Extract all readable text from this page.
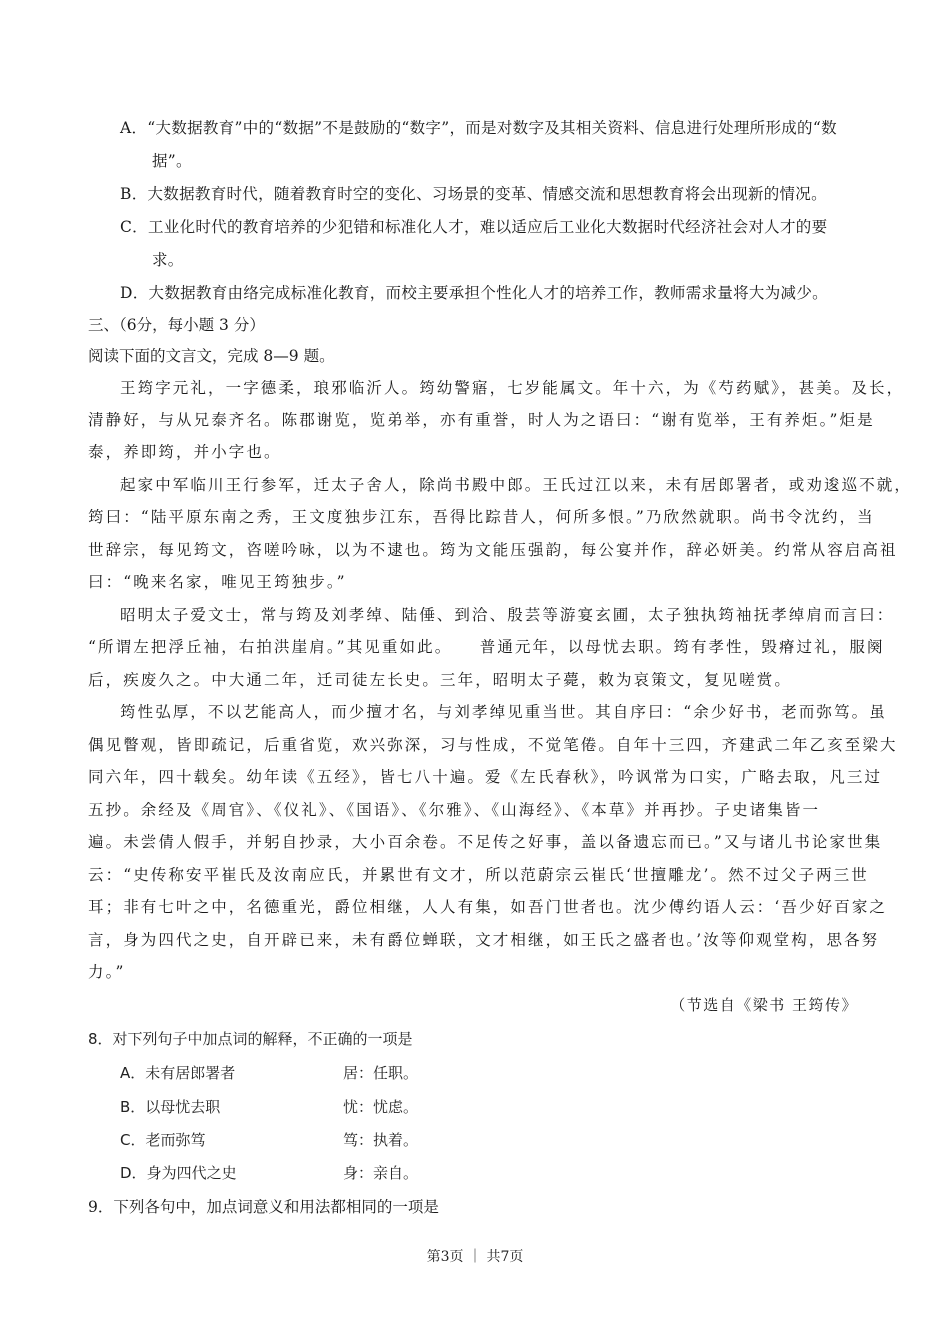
A．“大数据教育”中的“数据”不是鼓励的“数字”，而是对数字及其相关资料、信息进行处理所形成的“数
据”。
B．大数据教育时代，随着教育时空的变化、习场景的变革、情感交流和思想教育将会出现新的情况。
C．工业化时代的教育培养的少犯错和标准化人才，难以适应后工业化大数据时代经济社会对人才的要
求。
D．大数据教育由络完成标准化教育，而校主要承担个性化人才的培养工作，教师需求量将大为减少。
三、（6分，每小题 3 分）
阅读下面的文言文，完成 8—9 题。
王筠字元礼，一字德柔，琅邪临沂人。筠幼警寤，七岁能属文。年十六，为《芍药赋》，甚美。及长，
清静好，与从兄泰齐名。陈郡谢览，览弟举，亦有重誉，时人为之语曰：“谢有览举，王有养炬。”炬是
泰，养即筠，并小字也。
起家中军临川王行参军，迁太子舍人，除尚书殿中郎。王氏过江以来，未有居郎署者，或劝逡巡不就，
筠曰：“陆平原东南之秀，王文度独步江东，吾得比踪昔人，何所多恨。”乃欣然就职。尚书令沈约，当
世辞宗，每见筠文，咨嗟吟咏，以为不逮也。筠为文能压强韵，每公宴并作，辞必妍美。约常从容启高祖
曰：“晚来名家，唯见王筠独步。”
昭明太子爱文士，常与筠及刘孝绰、陆倕、到洽、殷芸等游宴玄圃，太子独执筠袖抚孝绰肩而言曰：
“所谓左把浮丘袖，右拍洪崖肩。”其见重如此。　　普通元年，以母忧去职。筠有孝性，毁瘠过礼，服阕
后，疾废久之。中大通二年，迁司徒左长史。三年，昭明太子薨，敕为哀策文，复见嗟赏。
筠性弘厚，不以艺能高人，而少擅才名，与刘孝绰见重当世。其自序曰：“余少好书，老而弥笃。虽
偶见瞥观，皆即疏记，后重省览，欢兴弥深，习与性成，不觉笔倦。自年十三四，齐建武二年乙亥至梁大
同六年，四十载矣。幼年读《五经》，皆七八十遍。爱《左氏春秋》，吟讽常为口实，广略去取，凡三过
五抄。余经及《周官》、《仪礼》、《国语》、《尔雅》、《山海经》、《本草》并再抄。子史诸集皆一
遍。未尝倩人假手，并躬自抄录，大小百余卷。不足传之好事，盖以备遗忘而已。”又与诸儿书论家世集
云：“史传称安平崔氏及汝南应氏，并累世有文才，所以范蔚宗云崔氏‘世擅雕龙’。然不过父子两三世
耳；非有七叶之中，名德重光，爵位相继，人人有集，如吾门世者也。沈少傅约语人云：‘吾少好百家之
言，身为四代之史，自开辟已来，未有爵位蝉联，文才相继，如王氏之盛者也。’汝等仰观堂构，思各努
力。”
（节选自《梁书 王筠传》
8．对下列句子中加点词的解释，不正确的一项是
A．未有居郎署者	居：任职。
B．以母忧去职	忧：忧虑。
C．老而弥笃	笃：执着。
D．身为四代之史	身：亲自。
9．下列各句中，加点词意义和用法都相同的一项是
第3页 ｜ 共7页
